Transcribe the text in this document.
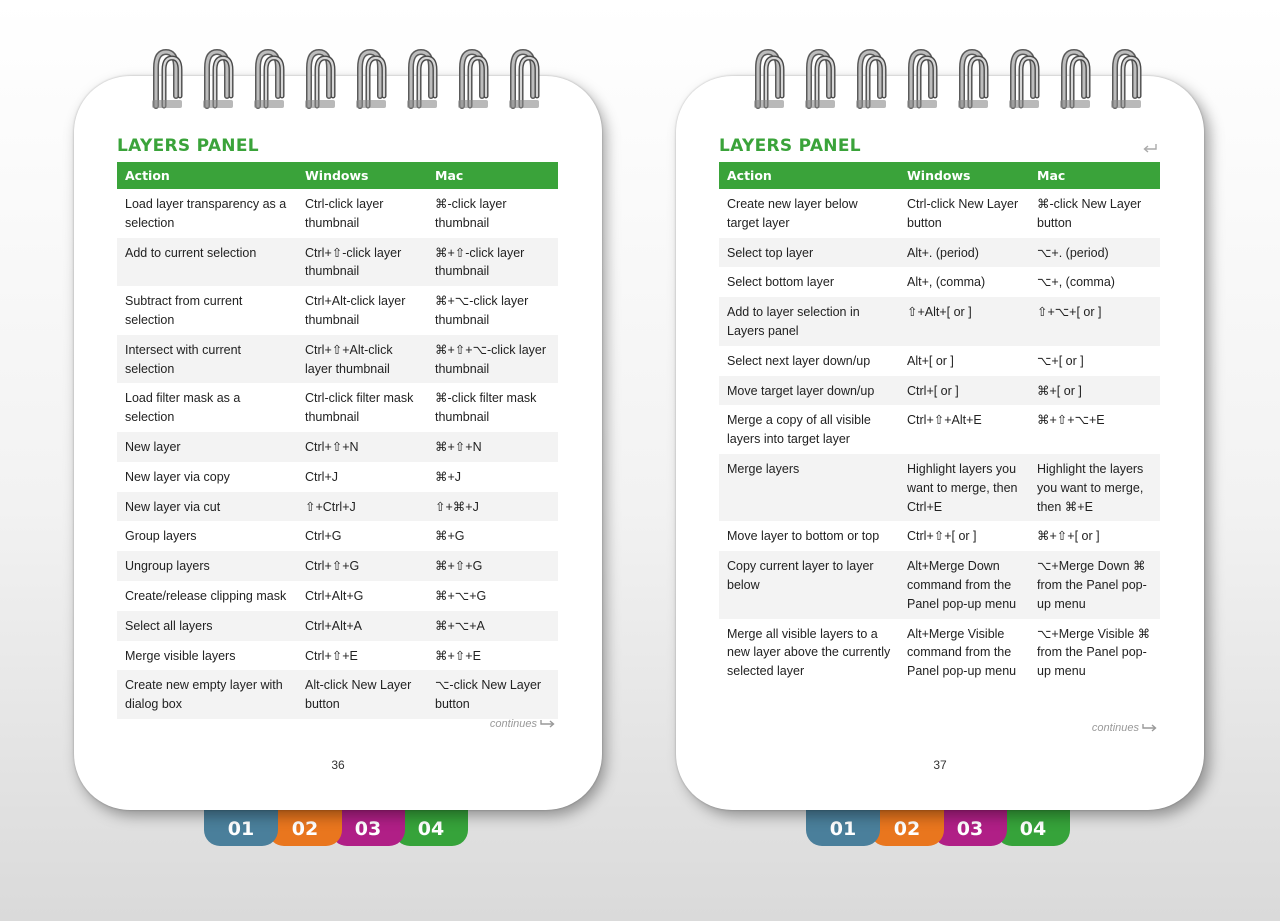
01	02	03	04
LAYERS PANEL
Action	Windows	Mac
Load layer transparency as a selection	Ctrl-click layer thumbnail	⌘-click layer thumbnail
Add to current selection	Ctrl+⇧-click layer thumbnail	⌘+⇧-click layer thumbnail
Subtract from current selection	Ctrl+Alt-click layer thumbnail	⌘+⌥-click layer thumbnail
Intersect with current selection	Ctrl+⇧+Alt-click layer thumbnail	⌘+⇧+⌥-click layer thumbnail
Load filter mask as a selection	Ctrl-click filter mask thumbnail	⌘-click filter mask thumbnail
New layer	Ctrl+⇧+N	⌘+⇧+N
New layer via copy	Ctrl+J	⌘+J
New layer via cut	⇧+Ctrl+J	⇧+⌘+J
Group layers	Ctrl+G	⌘+G
Ungroup layers	Ctrl+⇧+G	⌘+⇧+G
Create/release clipping mask	Ctrl+Alt+G	⌘+⌥+G
Select all layers	Ctrl+Alt+A	⌘+⌥+A
Merge visible layers	Ctrl+⇧+E	⌘+⇧+E
Create new empty layer with dialog box	Alt-click New Layer button	⌥-click New Layer button
continues
36
01	02	03	04
LAYERS PANEL
Action	Windows	Mac
Create new layer below target layer	Ctrl-click New Layer button	⌘-click New Layer button
Select top layer	Alt+. (period)	⌥+. (period)
Select bottom layer	Alt+, (comma)	⌥+, (comma)
Add to layer selection in Layers panel	⇧+Alt+[ or ]	⇧+⌥+[ or ]
Select next layer down/up	Alt+[ or ]	⌥+[ or ]
Move target layer down/up	Ctrl+[ or ]	⌘+[ or ]
Merge a copy of all visible layers into target layer	Ctrl+⇧+Alt+E	⌘+⇧+⌥+E
Merge layers	Highlight layers you want to merge, then Ctrl+E	Highlight the layers you want to merge, then ⌘+E
Move layer to bottom or top	Ctrl+⇧+[ or ]	⌘+⇧+[ or ]
Copy current layer to layer below	Alt+Merge Down command from the Panel pop-up menu	⌥+Merge Down ⌘ from the Panel pop-up menu
Merge all visible layers to a new layer above the currently selected layer	Alt+Merge Visible command from the Panel pop-up menu	⌥+Merge Visible ⌘ from the Panel pop-up menu
continues
37
